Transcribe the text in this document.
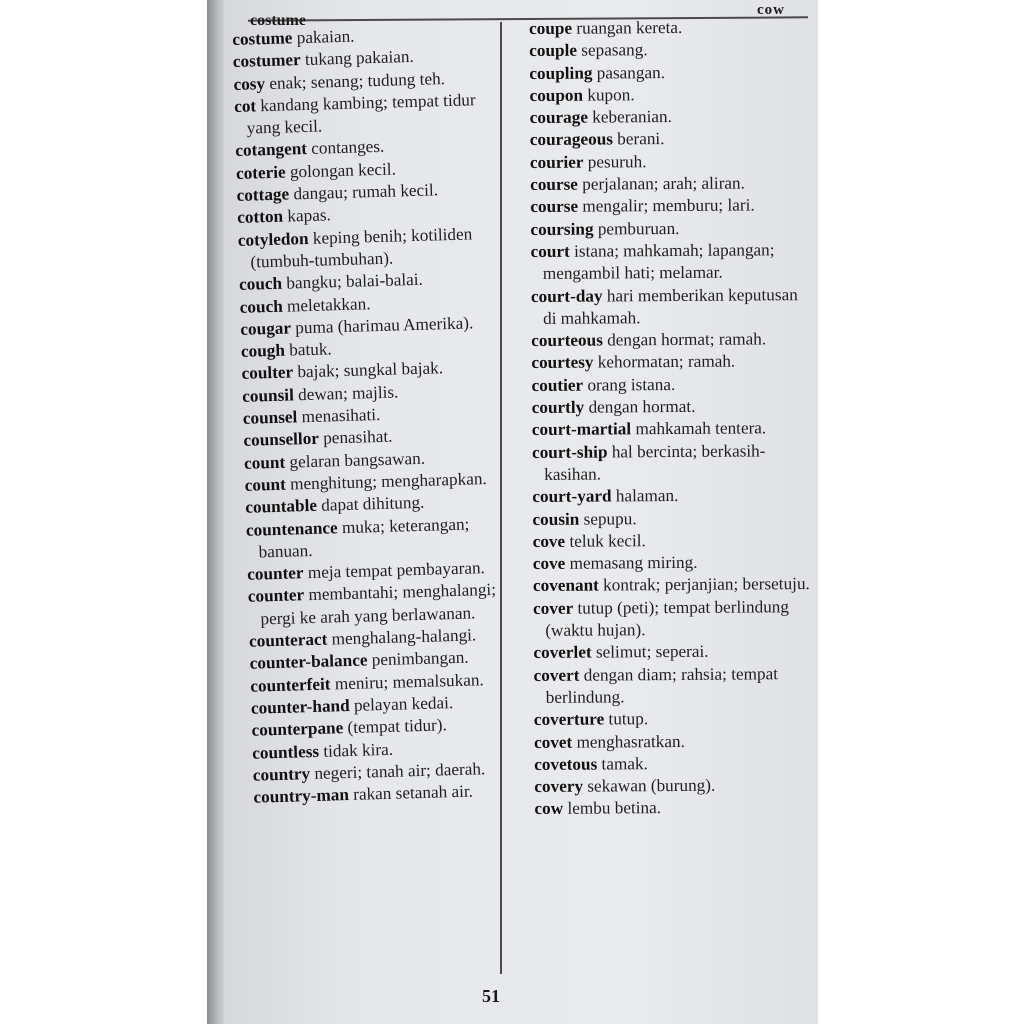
costume
cow

costume pakaian.

costumer tukang pakaian.

cosy enak; senang; tudung teh.

cot kandang kambing; tempat tidur yang kecil.

cotangent contanges.

coterie golongan kecil.

cottage dangau; rumah kecil.

cotton kapas.

cotyledon keping benih; kotiliden (tumbuh-tumbuhan).

couch bangku; balai-balai.

couch meletakkan.

cougar puma (harimau Amerika).

cough batuk.

coulter bajak; sungkal bajak.

counsil dewan; majlis.

counsel menasihati.

counsellor penasihat.

count gelaran bangsawan.

count menghitung; mengharapkan.

countable dapat dihitung.

countenance muka; keterangan; banuan.

counter meja tempat pembayaran.

counter membantahi; menghalangi; pergi ke arah yang berlawanan.

counteract menghalang-halangi.

counter-balance penimbangan.

counterfeit meniru; memalsukan.

counter-hand pelayan kedai.

counterpane (tempat tidur).

countless tidak kira.

country negeri; tanah air; daerah.

country-man rakan setanah air.

coupe ruangan kereta.

couple sepasang.

coupling pasangan.

coupon kupon.

courage keberanian.

courageous berani.

courier pesuruh.

course perjalanan; arah; aliran.

course mengalir; memburu; lari.

coursing pemburuan.

court istana; mahkamah; lapangan; mengambil hati; melamar.

court-day hari memberikan keputusan di mahkamah.

courteous dengan hormat; ramah.

courtesy kehormatan; ramah.

coutier orang istana.

courtly dengan hormat.

court-martial mahkamah tentera.

court-ship hal bercinta; berkasih-kasihan.

court-yard halaman.

cousin sepupu.

cove teluk kecil.

cove memasang miring.

covenant kontrak; perjanjian; bersetuju.

cover tutup (peti); tempat berlindung (waktu hujan).

coverlet selimut; seperai.

covert dengan diam; rahsia; tempat berlindung.

coverture tutup.

covet menghasratkan.

covetous tamak.

covery sekawan (burung).

cow lembu betina.

51
